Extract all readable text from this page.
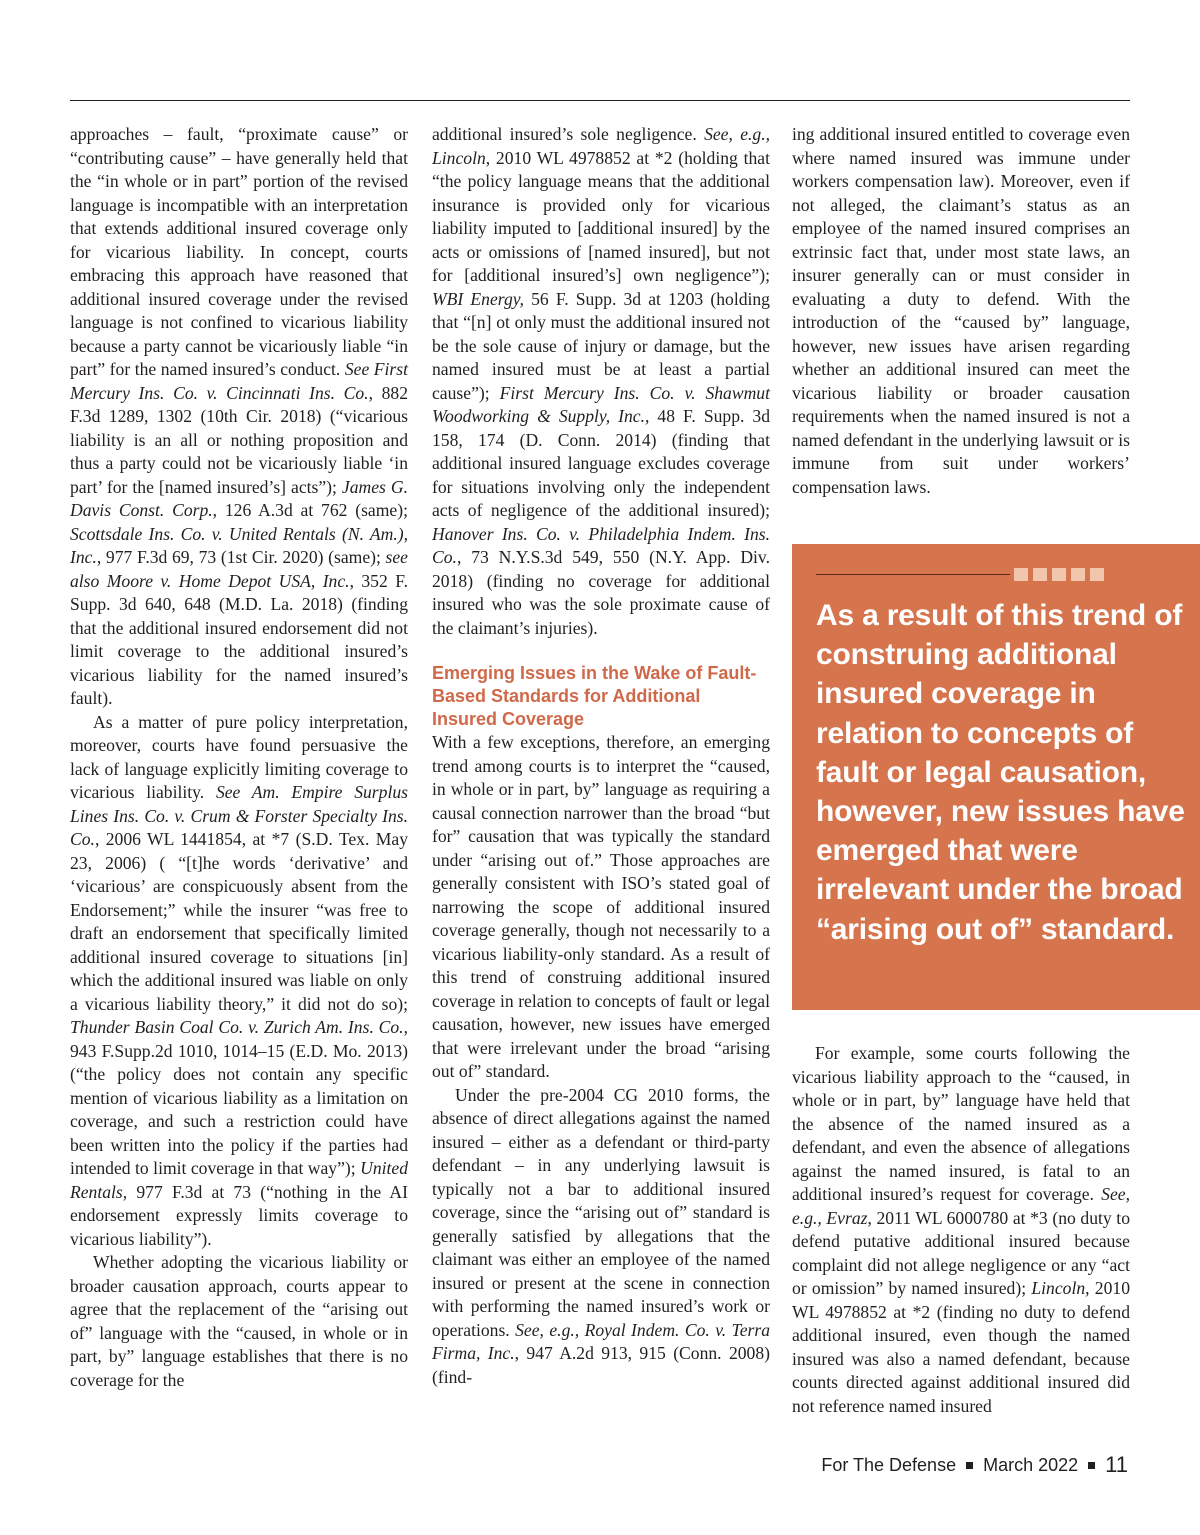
approaches – fault, “proximate cause” or “contributing cause” – have generally held that the “in whole or in part” portion of the revised language is incompatible with an interpretation that extends additional insured coverage only for vicarious liability. In concept, courts embracing this approach have reasoned that additional insured coverage under the revised language is not confined to vicarious liability because a party cannot be vicariously liable “in part” for the named insured’s conduct. See First Mercury Ins. Co. v. Cincinnati Ins. Co., 882 F.3d 1289, 1302 (10th Cir. 2018) (“vicarious liability is an all or nothing proposition and thus a party could not be vicariously liable ‘in part’ for the [named insured’s] acts”); James G. Davis Const. Corp., 126 A.3d at 762 (same); Scottsdale Ins. Co. v. United Rentals (N. Am.), Inc., 977 F.3d 69, 73 (1st Cir. 2020) (same); see also Moore v. Home Depot USA, Inc., 352 F. Supp. 3d 640, 648 (M.D. La. 2018) (finding that the additional insured endorsement did not limit coverage to the additional insured’s vicarious liability for the named insured’s fault).

As a matter of pure policy interpretation, moreover, courts have found persuasive the lack of language explicitly limiting coverage to vicarious liability. See Am. Empire Surplus Lines Ins. Co. v. Crum & Forster Specialty Ins. Co., 2006 WL 1441854, at *7 (S.D. Tex. May 23, 2006) ( “[t]he words ‘derivative’ and ‘vicarious’ are conspicuously absent from the Endorsement;” while the insurer “was free to draft an endorsement that specifically limited additional insured coverage to situations [in] which the additional insured was liable on only a vicarious liability theory,” it did not do so); Thunder Basin Coal Co. v. Zurich Am. Ins. Co., 943 F.Supp.2d 1010, 1014–15 (E.D. Mo. 2013) (“the policy does not contain any specific mention of vicarious liability as a limitation on coverage, and such a restriction could have been written into the policy if the parties had intended to limit coverage in that way”); United Rentals, 977 F.3d at 73 (“nothing in the AI endorsement expressly limits coverage to vicarious liability”).

Whether adopting the vicarious liability or broader causation approach, courts appear to agree that the replacement of the “arising out of” language with the “caused, in whole or in part, by” language establishes that there is no coverage for the

additional insured’s sole negligence. See, e.g., Lincoln, 2010 WL 4978852 at *2 (holding that “the policy language means that the additional insurance is provided only for vicarious liability imputed to [additional insured] by the acts or omissions of [named insured], but not for [additional insured’s] own negligence”); WBI Energy, 56 F. Supp. 3d at 1203 (holding that “[n] ot only must the additional insured not be the sole cause of injury or damage, but the named insured must be at least a partial cause”); First Mercury Ins. Co. v. Shawmut Woodworking & Supply, Inc., 48 F. Supp. 3d 158, 174 (D. Conn. 2014) (finding that additional insured language excludes coverage for situations involving only the independent acts of negligence of the additional insured); Hanover Ins. Co. v. Philadelphia Indem. Ins. Co., 73 N.Y.S.3d 549, 550 (N.Y. App. Div. 2018) (finding no coverage for additional insured who was the sole proximate cause of the claimant’s injuries).

Emerging Issues in the Wake of Fault-Based Standards for Additional Insured Coverage

With a few exceptions, therefore, an emerging trend among courts is to interpret the “caused, in whole or in part, by” language as requiring a causal connection narrower than the broad “but for” causation that was typically the standard under “arising out of.” Those approaches are generally consistent with ISO’s stated goal of narrowing the scope of additional insured coverage generally, though not necessarily to a vicarious liability-only standard. As a result of this trend of construing additional insured coverage in relation to concepts of fault or legal causation, however, new issues have emerged that were irrelevant under the broad “arising out of” standard.

Under the pre-2004 CG 2010 forms, the absence of direct allegations against the named insured – either as a defendant or third-party defendant – in any underlying lawsuit is typically not a bar to additional insured coverage, since the “arising out of” standard is generally satisfied by allegations that the claimant was either an employee of the named insured or present at the scene in connection with performing the named insured’s work or operations. See, e.g., Royal Indem. Co. v. Terra Firma, Inc., 947 A.2d 913, 915 (Conn. 2008) (find-

ing additional insured entitled to coverage even where named insured was immune under workers compensation law). Moreover, even if not alleged, the claimant’s status as an employee of the named insured comprises an extrinsic fact that, under most state laws, an insurer generally can or must consider in evaluating a duty to defend. With the introduction of the “caused by” language, however, new issues have arisen regarding whether an additional insured can meet the vicarious liability or broader causation requirements when the named insured is not a named defendant in the underlying lawsuit or is immune from suit under workers’ compensation laws.

As a result of this trend of construing additional insured coverage in relation to concepts of fault or legal causation, however, new issues have emerged that were irrelevant under the broad “arising out of” standard.

For example, some courts following the vicarious liability approach to the “caused, in whole or in part, by” language have held that the absence of the named insured as a defendant, and even the absence of allegations against the named insured, is fatal to an additional insured’s request for coverage. See, e.g., Evraz, 2011 WL 6000780 at *3 (no duty to defend putative additional insured because complaint did not allege negligence or any “act or omission” by named insured); Lincoln, 2010 WL 4978852 at *2 (finding no duty to defend additional insured, even though the named insured was also a named defendant, because counts directed against additional insured did not reference named insured

For The Defense March 2022 11
